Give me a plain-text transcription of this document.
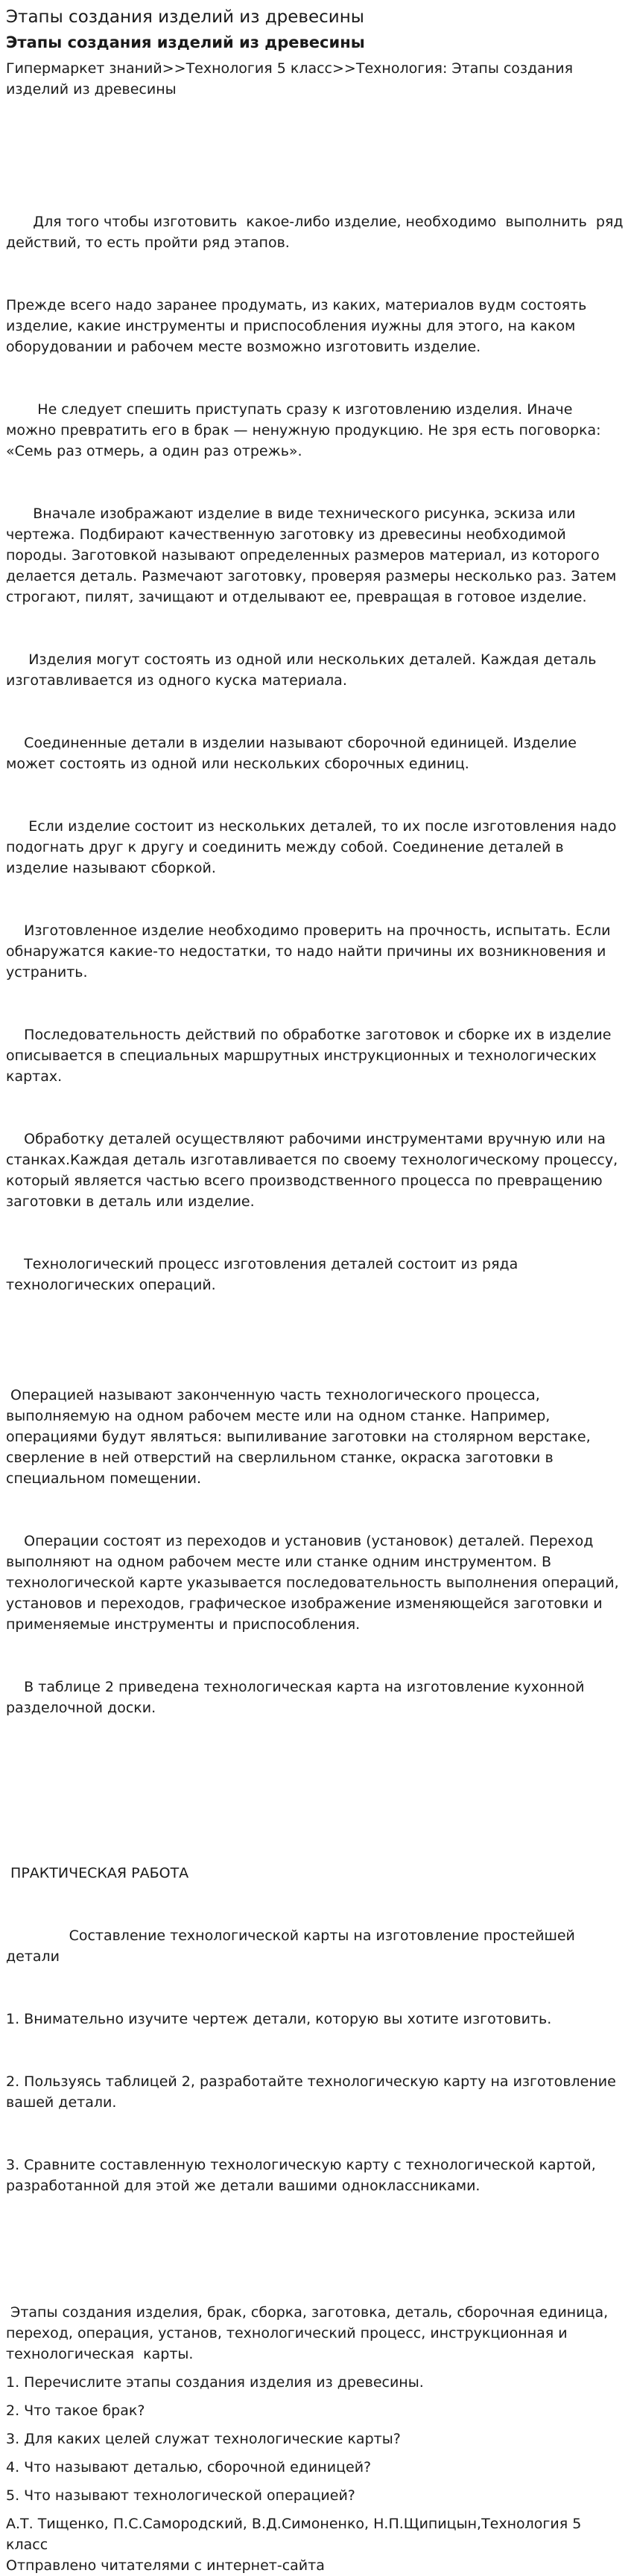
Этапы создания изделий из древесины
Этапы создания изделий из древесины

Гипермаркет знаний>>Технология 5 класс>>Технология: Этапы создания изделий из древесины

Для того чтобы изготовить  какое-либо изделие, необходимо  выполнить  ряд действий, то есть пройти ряд этапов.

Прежде всего надо заранее продумать, из каких, материалов вудм состоять изделие, какие инструменты и приспособления иужны для этого, на каком оборудовании и рабочем месте возможно изготовить изделие.

Не следует спешить приступать сразу к изготовлению изделия. Иначе можно превратить его в брак — ненужную продукцию. Не зря есть поговорка: «Семь раз отмерь, а один раз отрежь».

Вначале изображают изделие в виде технического рисунка, эскиза или чертежа. Подбирают качественную заготовку из древесины необходимой породы. Заготовкой называют определенных размеров материал, из которого делается деталь. Размечают заготовку, проверяя размеры несколько раз. Затем строгают, пилят, зачищают и отделывают ее, превращая в готовое изделие.

Изделия могут состоять из одной или нескольких деталей. Каждая деталь изготавливается из одного куска материала.

Соединенные детали в изделии называют сборочной единицей. Изделие может состоять из одной или нескольких сборочных единиц.

Если изделие состоит из нескольких деталей, то их после изготовления надо подогнать друг к другу и соединить между собой. Соединение деталей в изделие называют сборкой.

Изготовленное изделие необходимо проверить на прочность, испытать. Если обнаружатся какие-то недостатки, то надо найти причины их возникновения и устранить.

Последовательность действий по обработке заготовок и сборке их в изделие описывается в специальных маршрутных инструкционных и технологических картах.

Обработку деталей осуществляют рабочими инструментами вручную или на станках.Каждая деталь изготавливается по своему технологическому процессу, который является частью всего производственного процесса по превращению заготовки в деталь или изделие.

Технологический процесс изготовления деталей состоит из ряда технологических операций.

Операцией называют законченную часть технологического процесса, выполняемую на одном рабочем месте или на одном станке. Например, операциями будут являться: выпиливание заготовки на столярном верстаке, сверление в ней отверстий на сверлильном станке, окраска заготовки в специальном помещении.

Операции состоят из переходов и установив (установок) деталей. Переход выполняют на одном рабочем месте или станке одним инструментом. В технологической карте указывается последовательность выполнения операций, установов и переходов, графическое изображение изменяющейся заготовки и применяемые инструменты и приспособления.

В таблице 2 приведена технологическая карта на изготовление кухонной разделочной доски.

ПРАКТИЧЕСКАЯ РАБОТА

Составление технологической карты на изготовление простейшей детали

1. Внимательно изучите чертеж детали, которую вы хотите изготовить.

2. Пользуясь таблицей 2, разработайте технологическую карту на изготовление вашей детали.

3. Сравните составленную технологическую карту с технологической картой, разработанной для этой же детали вашими одноклассниками.

Этапы создания изделия, брак, сборка, заготовка, деталь, сборочная единица, переход, операция, установ, технологический процесс, инструкционная и технологическая  карты.

1. Перечислите этапы создания изделия из древесины.

2. Что такое брак?

3. Для каких целей служат технологические карты?

4. Что называют деталью, сборочной единицей?

5. Что называют технологической операцией?

А.Т. Тищенко, П.С.Самородский, В.Д.Симоненко, Н.П.Щипицын,Технология 5 класс

Отправлено читателями с интернет-сайта
